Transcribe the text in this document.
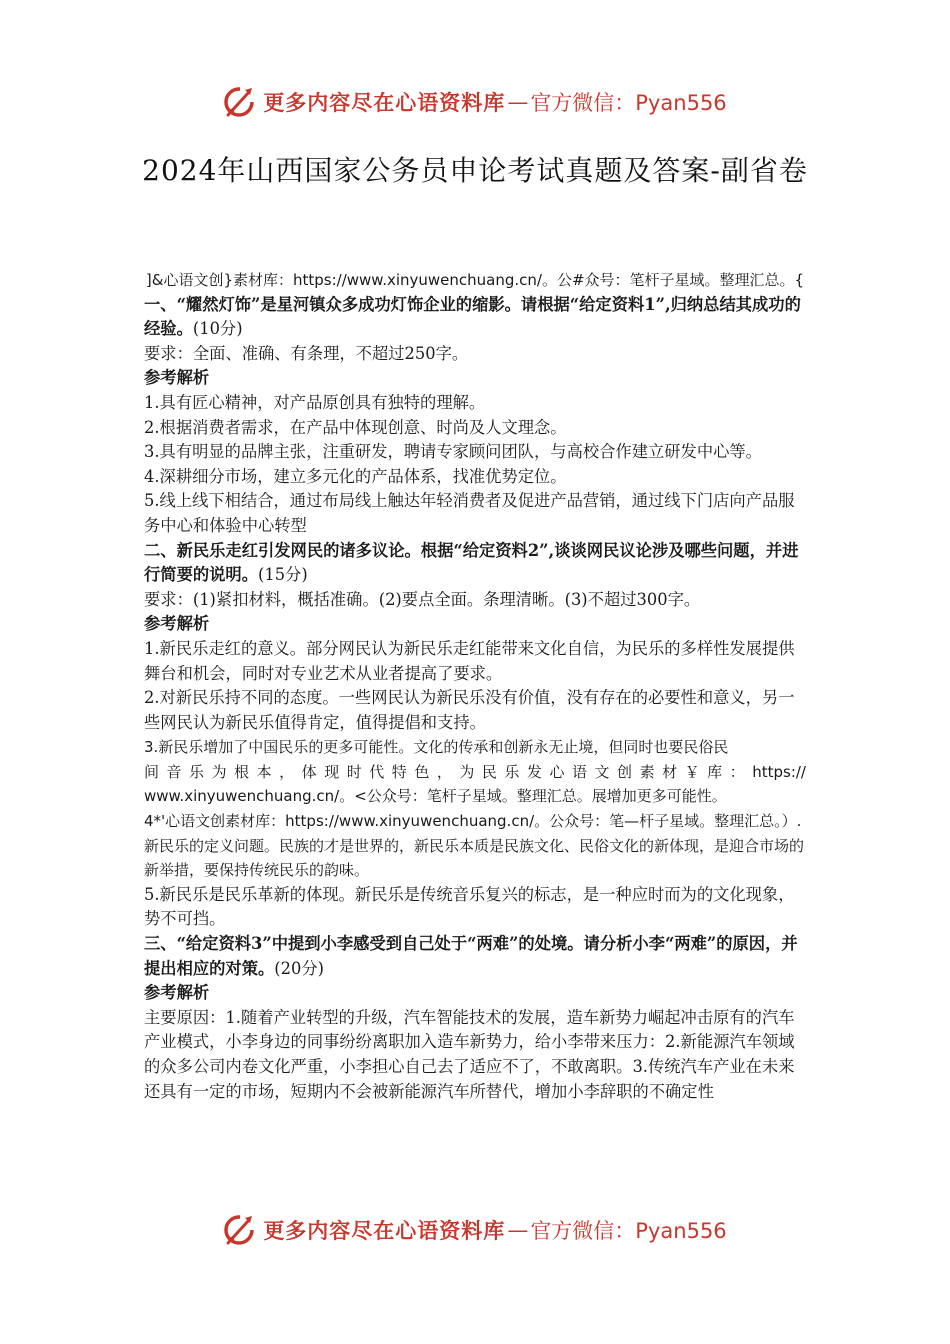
更多内容尽在心语资料库 — 官方微信：Pyan556
2024年山西国家公务员申论考试真题及答案-副省卷

]&心语文创}素材库：https://www.xinyuwenchuang.cn/。公#众号：笔杆子星域。整理汇总。{

一、“耀然灯饰”是星河镇众多成功灯饰企业的缩影。请根据“给定资料1”,归纳总结其成功的经验。(10分)

要求：全面、准确、有条理，不超过250字。

参考解析

1.具有匠心精神，对产品原创具有独特的理解。

2.根据消费者需求，在产品中体现创意、时尚及人文理念。

3.具有明显的品牌主张，注重研发，聘请专家顾问团队，与高校合作建立研发中心等。

4.深耕细分市场，建立多元化的产品体系，找准优势定位。

5.线上线下相结合，通过布局线上触达年轻消费者及促进产品营销，通过线下门店向产品服务中心和体验中心转型

二、新民乐走红引发网民的诸多议论。根据“给定资料2”,谈谈网民议论涉及哪些问题，并进行简要的说明。(15分)

要求：(1)紧扣材料，概括准确。(2)要点全面。条理清晰。(3)不超过300字。

参考解析

1.新民乐走红的意义。部分网民认为新民乐走红能带来文化自信，为民乐的多样性发展提供舞台和机会，同时对专业艺术从业者提高了要求。

2.对新民乐持不同的态度。一些网民认为新民乐没有价值，没有存在的必要性和意义，另一些网民认为新民乐值得肯定，值得提倡和支持。

3.新民乐增加了中国民乐的更多可能性。文化的传承和创新永无止境，但同时也要民俗民

间音乐为根本，体现时代特色，为民乐发心语文创素材￥库：https://

www.xinyuwenchuang.cn/。<公众号：笔杆子星域。整理汇总。展增加更多可能性。

4*'心语文创素材库：https://www.xinyuwenchuang.cn/。公众号：笔—杆子星域。整理汇总。）.新民乐的定义问题。民族的才是世界的，新民乐本质是民族文化、民俗文化的新体现，是迎合市场的新举措，要保持传统民乐的韵味。

5.新民乐是民乐革新的体现。新民乐是传统音乐复兴的标志，是一种应时而为的文化现象，势不可挡。

三、“给定资料3”中提到小李感受到自己处于“两难”的处境。请分析小李“两难”的原因，并提出相应的对策。(20分)

参考解析

主要原因：1.随着产业转型的升级，汽车智能技术的发展，造车新势力崛起冲击原有的汽车产业模式，小李身边的同事纷纷离职加入造车新势力，给小李带来压力：2.新能源汽车领域的众多公司内卷文化严重，小李担心自己去了适应不了，不敢离职。3.传统汽车产业在未来还具有一定的市场，短期内不会被新能源汽车所替代，增加小李辞职的不确定性

更多内容尽在心语资料库 — 官方微信：Pyan556
